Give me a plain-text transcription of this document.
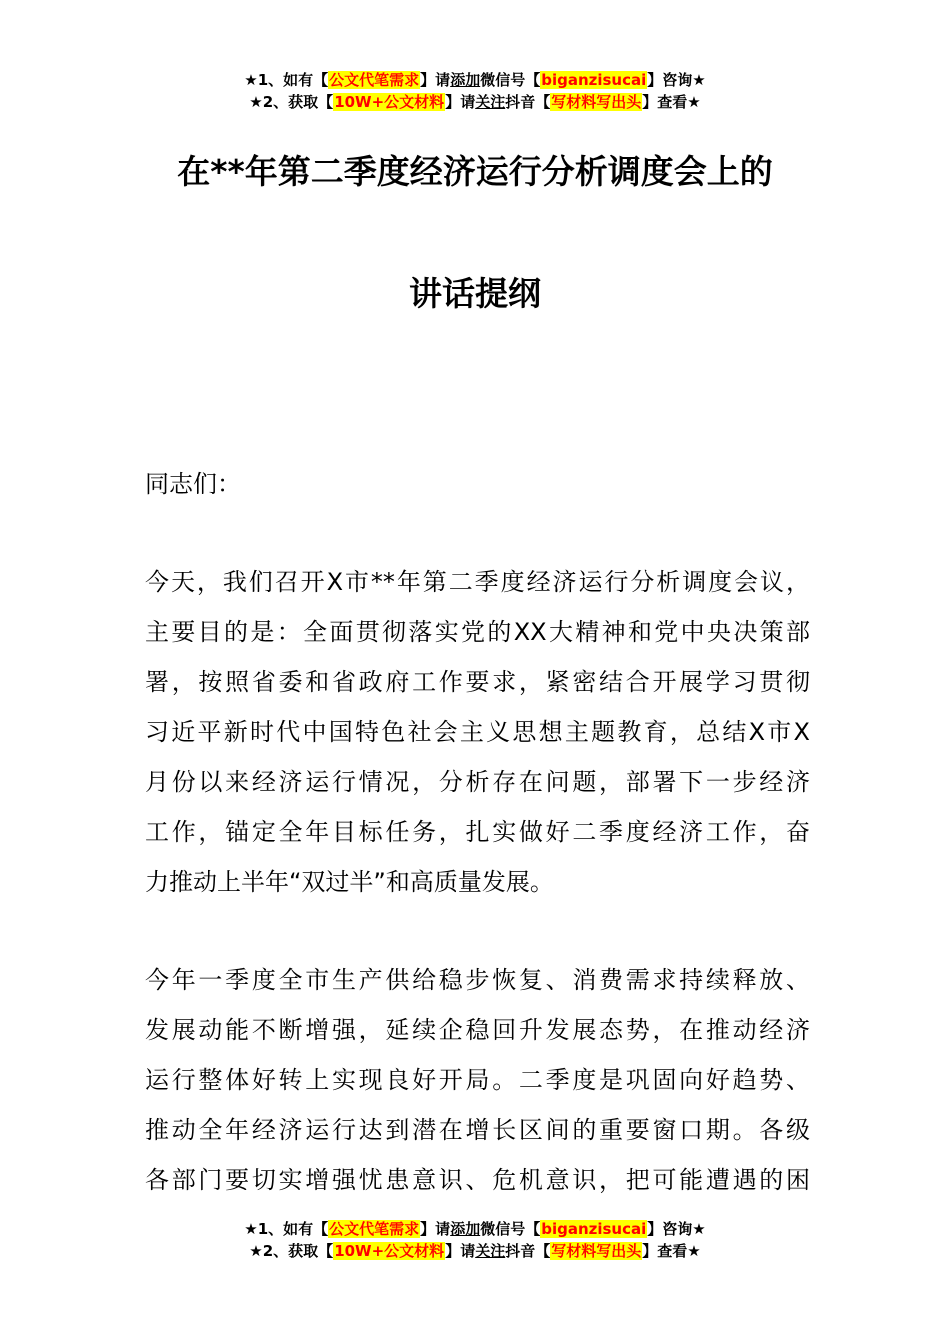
★1、如有【公文代笔需求】请添加微信号【biganzisucai】咨询★
★2、获取【10W+公文材料】请关注抖音【写材料写出头】查看★
在**年第二季度经济运行分析调度会上的
讲话提纲

同志们：

今天，我们召开X市**年第二季度经济运行分析调度会议，
主要目的是：全面贯彻落实党的XX大精神和党中央决策部
署，按照省委和省政府工作要求，紧密结合开展学习贯彻
习近平新时代中国特色社会主义思想主题教育，总结X市X
月份以来经济运行情况，分析存在问题，部署下一步经济
工作，锚定全年目标任务，扎实做好二季度经济工作，奋
力推动上半年“双过半”和高质量发展。

今年一季度全市生产供给稳步恢复、消费需求持续释放、
发展动能不断增强，延续企稳回升发展态势，在推动经济
运行整体好转上实现良好开局。二季度是巩固向好趋势、
推动全年经济运行达到潜在增长区间的重要窗口期。各级
各部门要切实增强忧患意识、危机意识，把可能遭遇的困

★1、如有【公文代笔需求】请添加微信号【biganzisucai】咨询★
★2、获取【10W+公文材料】请关注抖音【写材料写出头】查看★
